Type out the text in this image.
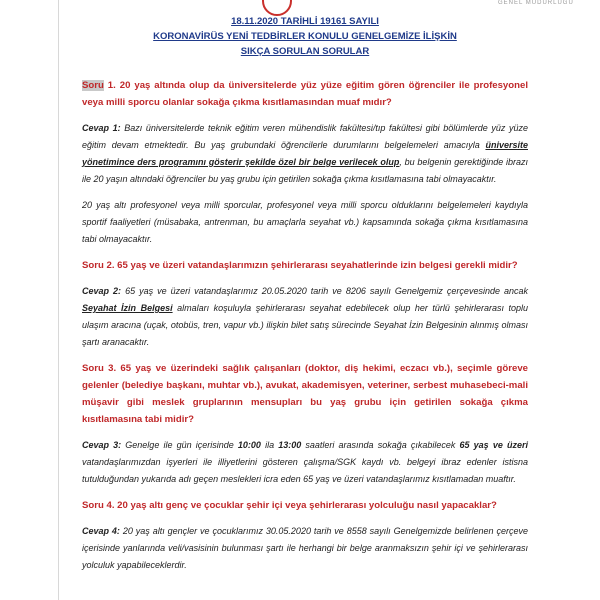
GENEL MÜDÜRLÜĞÜ
18.11.2020 TARİHLİ 19161 SAYILI
KORONAVİRÜS YENİ TEDBİRLER KONULU GENELGEMİZE İLİŞKİN
SIKÇA SORULAN SORULAR

Soru 1. 20 yaş altında olup da üniversitelerde yüz yüze eğitim gören öğrenciler ile profesyonel veya milli sporcu olanlar sokağa çıkma kısıtlamasından muaf mıdır?

Cevap 1: Bazı üniversitelerde teknik eğitim veren mühendislik fakültesi/tıp fakültesi gibi bölümlerde yüz yüze eğitim devam etmektedir. Bu yaş grubundaki öğrencilerle durumlarını belgelemeleri amacıyla üniversite yönetimince ders programını gösterir şekilde özel bir belge verilecek olup, bu belgenin gerektiğinde ibrazı ile 20 yaşın altındaki öğrenciler bu yaş grubu için getirilen sokağa çıkma kısıtlamasına tabi olmayacaktır.

20 yaş altı profesyonel veya milli sporcular, profesyonel veya milli sporcu olduklarını belgelemeleri kaydıyla sportif faaliyetleri (müsabaka, antrenman, bu amaçlarla seyahat vb.) kapsamında sokağa çıkma kısıtlamasına tabi olmayacaktır.

Soru 2. 65 yaş ve üzeri vatandaşlarımızın şehirlerarası seyahatlerinde izin belgesi gerekli midir?

Cevap 2: 65 yaş ve üzeri vatandaşlarımız 20.05.2020 tarih ve 8206 sayılı Genelgemiz çerçevesinde ancak Seyahat İzin Belgesi almaları koşuluyla şehirlerarası seyahat edebilecek olup her türlü şehirlerarası toplu ulaşım aracına (uçak, otobüs, tren, vapur vb.) ilişkin bilet satış sürecinde Seyahat İzin Belgesinin alınmış olması şartı aranacaktır.

Soru 3. 65 yaş ve üzerindeki sağlık çalışanları (doktor, diş hekimi, eczacı vb.), seçimle göreve gelenler (belediye başkanı, muhtar vb.), avukat, akademisyen, veteriner, serbest muhasebeci-mali müşavir gibi meslek gruplarının mensupları bu yaş grubu için getirilen sokağa çıkma kısıtlamasına tabi midir?

Cevap 3: Genelge ile gün içerisinde 10:00 ila 13:00 saatleri arasında sokağa çıkabilecek 65 yaş ve üzeri vatandaşlarımızdan işyerleri ile illiyetlerini gösteren çalışma/SGK kaydı vb. belgeyi ibraz edenler istisna tutulduğundan yukarıda adı geçen meslekleri icra eden 65 yaş ve üzeri vatandaşlarımız kısıtlamadan muaftır.

Soru 4. 20 yaş altı genç ve çocuklar şehir içi veya şehirlerarası yolculuğu nasıl yapacaklar?

Cevap 4: 20 yaş altı gençler ve çocuklarımız 30.05.2020 tarih ve 8558 sayılı Genelgemizde belirlenen çerçeve içerisinde yanlarında veli/vasisinin bulunması şartı ile herhangi bir belge aranmaksızın şehir içi ve şehirlerarası yolculuk yapabileceklerdir.
